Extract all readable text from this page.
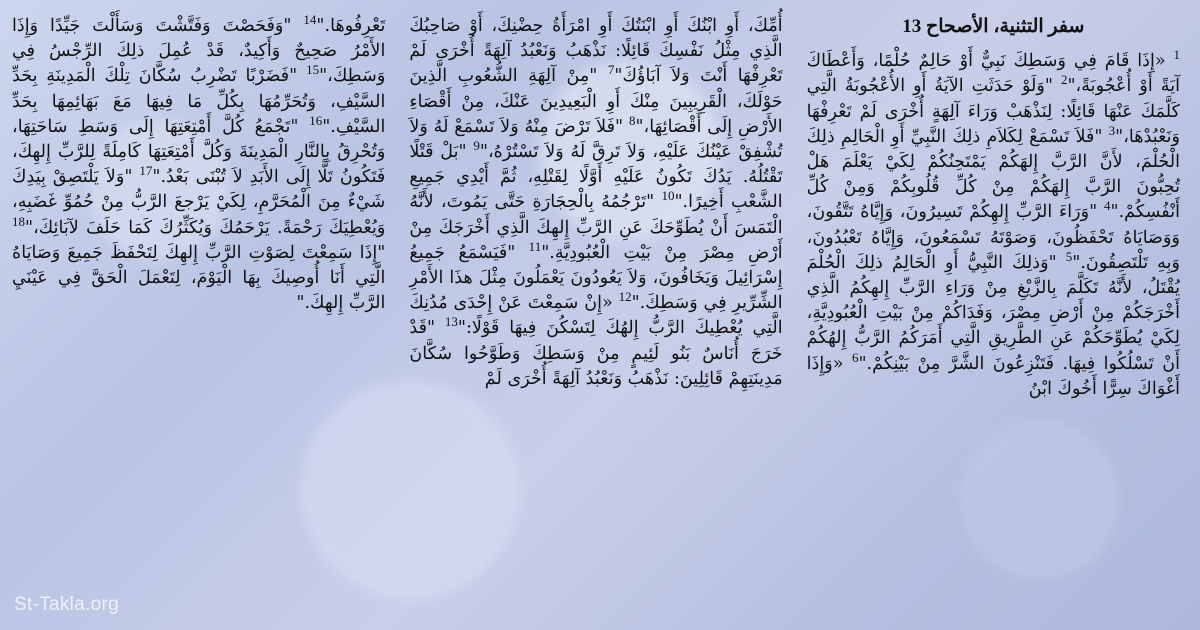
سفر التثنية، الأصحاح 13
$^1$ «إِذَا قَامَ فِي وَسَطِكَ نَبِيٌّ أَوْ حَالِمٌ حُلْمًا، وَأَعْطَاكَ آيَةً أَوْ أُعْجُوبَةً،"$^2$ "وَلَوْ حَدَثَتِ الآيَةُ أَوِ الأُعْجُوبَةُ الَّتِي كَلَّمَكَ عَنْهَا قَائِلًا: لِنَذْهَبْ وَرَاءَ آلِهَةٍ أُخْرَى لَمْ تَعْرِفْهَا وَنَعْبُدْهَا،"$^3$ "فَلاَ تَسْمَعْ لِكَلاَمِ ذلِكَ النَّبِيِّ أَوِ الْحَالِمِ ذلِكَ الْحُلْمَ، لأَنَّ الرَّبَّ إِلهَكُمْ يَمْتَحِنُكُمْ لِكَيْ يَعْلَمَ هَلْ تُحِبُّونَ الرَّبَّ إِلهَكُمْ مِنْ كُلِّ قُلُوبِكُمْ وَمِنْ كُلِّ أَنْفُسِكُمْ."$^4$ "وَرَاءَ الرَّبِّ إِلهِكُمْ تَسِيرُونَ، وَإِيَّاهُ تَتَّقُونَ، وَوَصَايَاهُ تَحْفَظُونَ، وَصَوْتَهُ تَسْمَعُونَ، وَإِيَّاهُ تَعْبُدُونَ، وَبِهِ تَلْتَصِقُونَ."$^5$ "وَذلِكَ النَّبِيُّ أَوِ الْحَالِمُ ذلِكَ الْحُلْمَ يُقْتَلُ، لأَنَّهُ تَكَلَّمَ بِالزَّيْغِ مِنْ وَرَاءِ الرَّبِّ إِلهِكُمُ الَّذِي أَخْرَجَكُمْ مِنْ أَرْضِ مِصْرَ، وَفَدَاكُمْ مِنْ بَيْتِ الْعُبُودِيَّةِ، لِكَيْ يُطَوِّحَكُمْ عَنِ الطَّرِيقِ الَّتِي أَمَرَكُمُ الرَّبُّ إِلهُكُمْ أَنْ تَسْلُكُوا فِيهَا. فَتَنْزِعُونَ الشَّرَّ مِنْ بَيْنِكُمْ."$^6$ «وَإِذَا أَغْوَاكَ سِرًّا أَخُوكَ ابْنُ
أُمِّكَ، أَوِ ابْنُكَ أَوِ ابْنَتُكَ أَوِ امْرَأَةُ حِضْنِكَ، أَوْ صَاحِبُكَ الَّذِي مِثْلُ نَفْسِكَ قَائِلًا: نَذْهَبُ وَنَعْبُدُ آلِهَةً أُخْرَى لَمْ تَعْرِفْهَا أَنْتَ وَلاَ آبَاؤُكَ"$^7$ "مِنْ آلِهَةِ الشُّعُوبِ الَّذِينَ حَوْلَكَ، الْقَرِيبِينَ مِنْكَ أَوِ الْبَعِيدِينَ عَنْكَ، مِنْ أَقْصَاءِ الأَرْضِ إِلَى أَقْصَائِهَا،"$^8$ "فَلاَ تَرْضَ مِنْهُ وَلاَ تَسْمَعْ لَهُ وَلاَ تُشْفِقْ عَيْنُكَ عَلَيْهِ، وَلاَ تَرِقَّ لَهُ وَلاَ تَسْتُرْهُ،"$^9$ "بَلْ قَتْلًا تَقْتُلُهُ. يَدُكَ تَكُونُ عَلَيْهِ أَوَّلًا لِقَتْلِهِ، ثُمَّ أَيْدِي جَمِيعِ الشَّعْبِ أَخِيرًا."$^{10}$ "تَرْجُمُهُ بِالْحِجَارَةِ حَتَّى يَمُوتَ، لأَنَّهُ الْتَمَسَ أَنْ يُطَوِّحَكَ عَنِ الرَّبِّ إِلهِكَ الَّذِي أَخْرَجَكَ مِنْ أَرْضِ مِصْرَ مِنْ بَيْتِ الْعُبُودِيَّةِ."$^{11}$ "فَيَسْمَعُ جَمِيعُ إِسْرَائِيلَ وَيَخَافُونَ، وَلاَ يَعُودُونَ يَعْمَلُونَ مِثْلَ هذَا الأَمْرِ الشِّرِّيرِ فِي وَسَطِكَ."$^{12}$ «إِنْ سَمِعْتَ عَنْ إِحْدَى مُدُنِكَ الَّتِي يُعْطِيكَ الرَّبُّ إِلهُكَ لِتَسْكُنَ فِيهَا قَوْلًا:"$^{13}$ "قَدْ خَرَجَ أُنَاسٌ بَنُو لَئِيمٍ مِنْ وَسَطِكَ وَطَوَّحُوا سُكَّانَ مَدِينَتِهِمْ قَائِلِينَ: نَذْهَبُ وَنَعْبُدُ آلِهَةً أُخْرَى لَمْ
تَعْرِفُوهَا."$^{14}$ "وَفَحَصْتَ وَفَتَّشْتَ وَسَأَلْتَ جَيِّدًا وَإِذَا الأَمْرُ صَحِيحٌ وَأَكِيدٌ، قَدْ عُمِلَ ذلِكَ الرِّجْسُ فِي وَسَطِكَ،"$^{15}$ "فَضَرْبًا تَضْرِبُ سُكَّانَ تِلْكَ الْمَدِينَةِ بِحَدِّ السَّيْفِ، وَتُحَرِّمُهَا بِكُلِّ مَا فِيهَا مَعَ بَهَائِمِهَا بِحَدِّ السَّيْفِ."$^{16}$ "تَجْمَعُ كُلَّ أَمْتِعَتِهَا إِلَى وَسَطِ سَاحَتِهَا، وَتُحْرِقُ بِالنَّارِ الْمَدِينَةَ وَكُلَّ أَمْتِعَتِهَا كَامِلَةً لِلرَّبِّ إِلهِكَ، فَتَكُونُ تَلًّا إِلَى الأَبَدِ لاَ تُبْنَى بَعْدُ."$^{17}$ "وَلاَ يَلْتَصِقْ بِيَدِكَ شَيْءٌ مِنَ الْمُحَرَّمِ، لِكَيْ يَرْجعَ الرَّبُّ مِنْ حُمُوِّ غَضَبِهِ، وَيُعْطِيَكَ رَحْمَةً. يَرْحَمُكَ وَيُكَثِّرُكَ كَمَا حَلَفَ لآبَائِكَ،"$^{18}$ "إِذَا سَمِعْتَ لِصَوْتِ الرَّبِّ إِلهِكَ لِتَحْفَظَ جَمِيعَ وَصَايَاهُ الَّتِي أَنَا أُوصِيكَ بِهَا الْيَوْمَ، لِتَعْمَلَ الْحَقَّ فِي عَيْنَيِ الرَّبِّ إِلهِكَ."
St-Takla.org
